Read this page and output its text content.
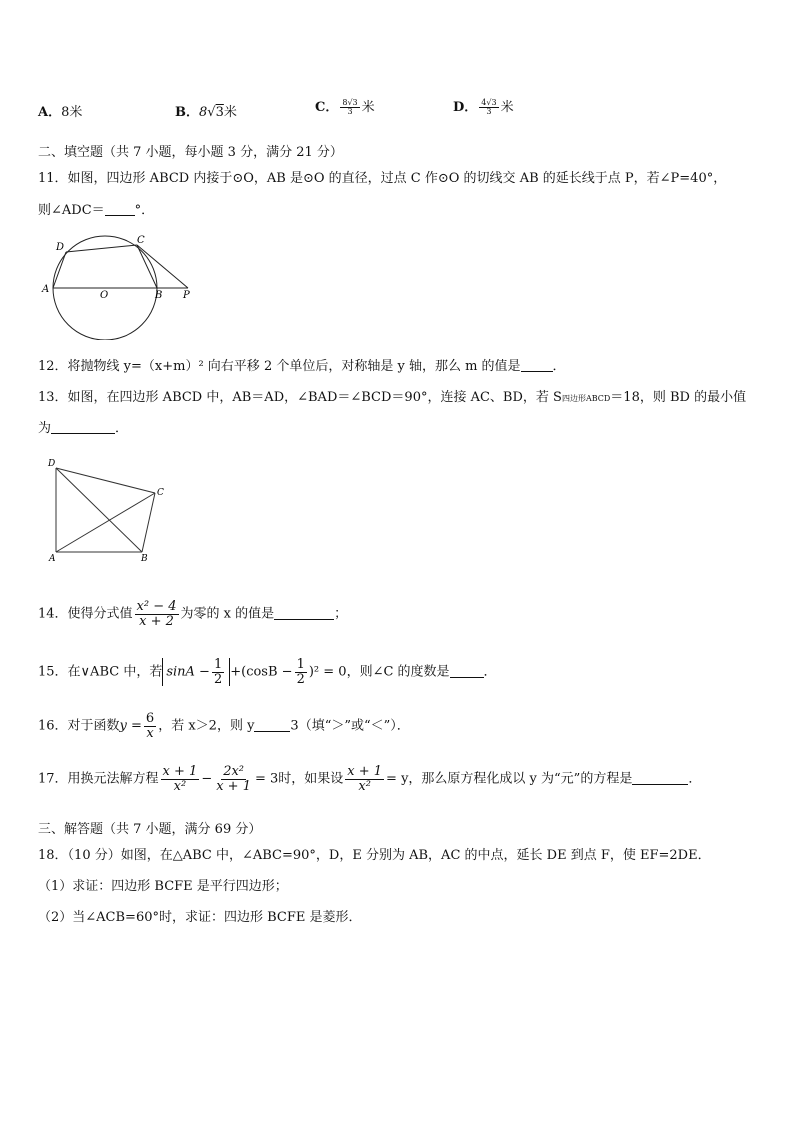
A．8米	B．8√3米	C． $\frac{8√3}{3}$ 米	D． $\frac{4√3}{3}$ 米
二、填空题（共 7 小题，每小题 3 分，满分 21 分）
11．如图，四边形 ABCD 内接于⊙O，AB 是⊙O 的直径，过点 C 作⊙O 的切线交 AB 的延长线于点 P，若∠P=40°，
则∠ADC＝ °．
A
D
C
B
O	P
12．将抛物线 y=（x+m）² 向右平移 2 个单位后，对称轴是 y 轴，那么 m 的值是 ．
13．如图，在四边形 ABCD 中，AB＝AD，∠BAD＝∠BCD＝90°，连接 AC、BD，若 S四边形ABCD＝18，则 BD 的最小值
为	．
D
A	B
C
14．使得分式值 $\frac{\text{x² − 4}}{x + 2}$ 为零的 x 的值是	；
15．在∨ABC 中，若 $\sin A - \frac{1}{2} +(\cos B - \frac{1}{2} )^2 = 0$，则∠C 的度数是	．
16．对于函数$y = \frac{6}{x}$ ，若 x＞2，则 y	3（填“＞”或“＜”）．
17．用换元法解方程 $\frac{x + 1}{\text{x²}} - \frac{\text{2x²}}{x + 1} = 3$时，如果设 $\frac{x + 1}{\text{x²}} = y$，那么原方程化成以 y 为“元”的方程是	．
三、解答题（共 7 小题，满分 69 分）
18．（10 分）如图，在△ABC 中，∠ABC=90°，D，E 分别为 AB，AC 的中点，延长 DE 到点 F，使 EF=2DE．
（1）求证：四边形 BCFE 是平行四边形；
（2）当∠ACB=60°时，求证：四边形 BCFE 是菱形．
